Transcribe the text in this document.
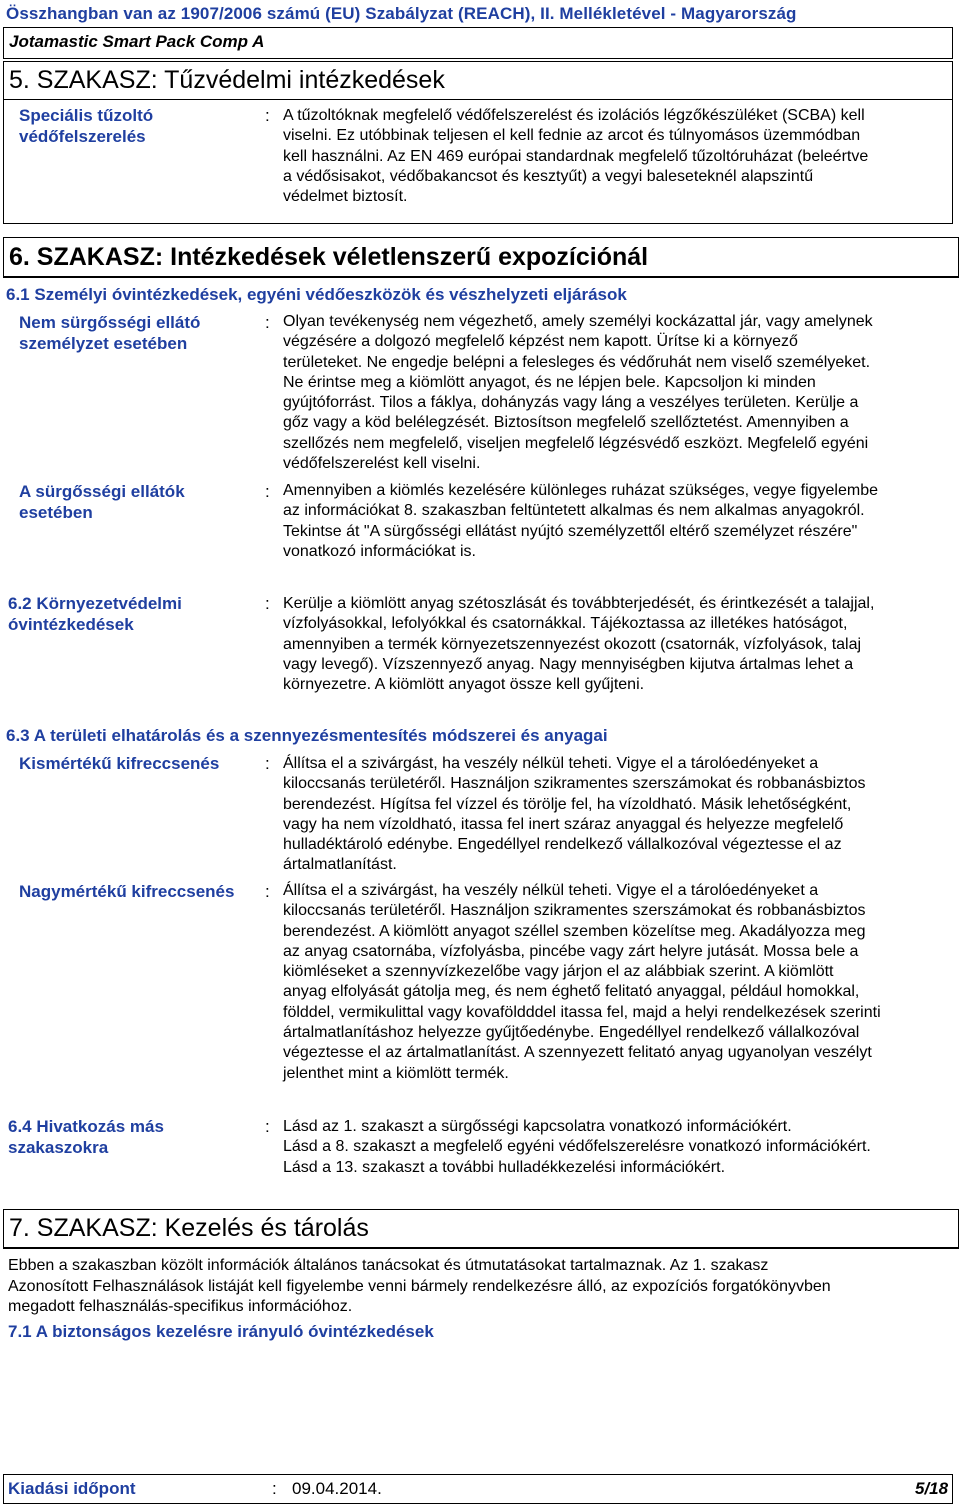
Összhangban van az 1907/2006 számú (EU) Szabályzat (REACH), II. Mellékletével - Magyarország
Jotamastic Smart Pack Comp A
5. SZAKASZ: Tűzvédelmi intézkedések
Speciális tűzoltó védőfelszerelés
: A tűzoltóknak megfelelő védőfelszerelést és izolációs légzőkészüléket (SCBA) kell
viselni. Ez utóbbinak teljesen el kell fednie az arcot és túlnyomásos üzemmódban
kell használni. Az EN 469 európai standardnak megfelelő tűzoltóruházat (beleértve
a védősisakot, védőbakancsot és kesztyűt) a vegyi baleseteknél alapszintű
védelmet biztosít.
6. SZAKASZ: Intézkedések véletlenszerű expozíciónál
6.1 Személyi óvintézkedések, egyéni védőeszközök és vészhelyzeti eljárások
Nem sürgősségi ellátó személyzet esetében
: Olyan tevékenység nem végezhető, amely személyi kockázattal jár, vagy amelynek
végzésére a dolgozó megfelelő képzést nem kapott. Ürítse ki a környező
területeket. Ne engedje belépni a felesleges és védőruhát nem viselő személyeket.
Ne érintse meg a kiömlött anyagot, és ne lépjen bele. Kapcsoljon ki minden
gyújtóforrást. Tilos a fáklya, dohányzás vagy láng a veszélyes területen. Kerülje a
gőz vagy a köd belélegzését. Biztosítson megfelelő szellőztetést. Amennyiben a
szellőzés nem megfelelő, viseljen megfelelő légzésvédő eszközt. Megfelelő egyéni
védőfelszerelést kell viselni.
A sürgősségi ellátók esetében
: Amennyiben a kiömlés kezelésére különleges ruházat szükséges, vegye figyelembe
az információkat 8. szakaszban feltüntetett alkalmas és nem alkalmas anyagokról.
Tekintse át "A sürgősségi ellátást nyújtó személyzettől eltérő személyzet részére"
vonatkozó információkat is.
6.2 Környezetvédelmi óvintézkedések
: Kerülje a kiömlött anyag szétoszlását és továbbterjedését, és érintkezését a talajjal,
vízfolyásokkal, lefolyókkal és csatornákkal. Tájékoztassa az illetékes hatóságot,
amennyiben a termék környezetszennyezést okozott (csatornák, vízfolyások, talaj
vagy levegő). Vízszennyező anyag. Nagy mennyiségben kijutva ártalmas lehet a
környezetre. A kiömlött anyagot össze kell gyűjteni.
6.3 A területi elhatárolás és a szennyezésmentesítés módszerei és anyagai
Kismértékű kifreccsenés	: Állítsa el a szivárgást, ha veszély nélkül teheti. Vigye el a tárolóedényeket a
kiloccsanás területéről. Használjon szikramentes szerszámokat és robbanásbiztos
berendezést. Hígítsa fel vízzel és törölje fel, ha vízoldható. Másik lehetőségként,
vagy ha nem vízoldható, itassa fel inert száraz anyaggal és helyezze megfelelő
hulladéktároló edénybe. Engedéllyel rendelkező vállalkozóval végeztesse el az
ártalmatlanítást.
Nagymértékű kifreccsenés	: Állítsa el a szivárgást, ha veszély nélkül teheti. Vigye el a tárolóedényeket a
kiloccsanás területéről. Használjon szikramentes szerszámokat és robbanásbiztos
berendezést. A kiömlött anyagot széllel szemben közelítse meg. Akadályozza meg
az anyag csatornába, vízfolyásba, pincébe vagy zárt helyre jutását. Mossa bele a
kiömléseket a szennyvízkezelőbe vagy járjon el az alábbiak szerint. A kiömlött
anyag elfolyását gátolja meg, és nem éghető felitató anyaggal, például homokkal,
földdel, vermikulittal vagy kovaföldddel itassa fel, majd a helyi rendelkezések szerinti
ártalmatlanításhoz helyezze gyűjtőedénybe. Engedéllyel rendelkező vállalkozóval
végeztesse el az ártalmatlanítást. A szennyezett felitató anyag ugyanolyan veszélyt
jelenthet mint a kiömlött termék.
6.4 Hivatkozás más szakaszokra
: Lásd az 1. szakaszt a sürgősségi kapcsolatra vonatkozó információkért.
Lásd a 8. szakaszt a megfelelő egyéni védőfelszerelésre vonatkozó információkért.
Lásd a 13. szakaszt a további hulladékkezelési információkért.
7. SZAKASZ: Kezelés és tárolás
Ebben a szakaszban közölt információk általános tanácsokat és útmutatásokat tartalmaznak. Az 1. szakasz
Azonosított Felhasználások listáját kell figyelembe venni bármely rendelkezésre álló, az expozíciós forgatókönyvben
megadott felhasználás-specifikus információhoz.
7.1 A biztonságos kezelésre irányuló óvintézkedések
Kiadási időpont	: 09.04.2014.	5/18
